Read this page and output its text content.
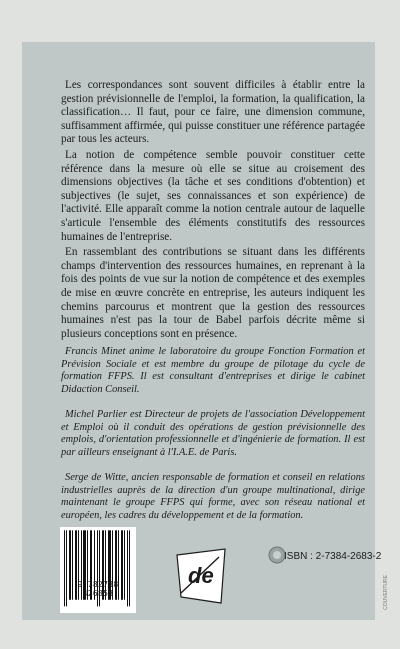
Les correspondances sont souvent difficiles à établir entre la gestion prévisionnelle de l'emploi, la formation, la qualification, la classification… Il faut, pour ce faire, une dimension commune, suffisamment affirmée, qui puisse constituer une référence partagée par tous les acteurs.

La notion de compétence semble pouvoir constituer cette référence dans la mesure où elle se situe au croisement des dimensions objectives (la tâche et ses conditions d'obtention) et subjectives (le sujet, ses connaissances et son expérience) de l'activité. Elle apparaît comme la notion centrale autour de laquelle s'articule l'ensemble des éléments constitutifs des ressources humaines de l'entreprise.

En rassemblant des contributions se situant dans les différents champs d'intervention des ressources humaines, en reprenant à la fois des points de vue sur la notion de compétence et des exemples de mise en œuvre concrète en entreprise, les auteurs indiquent les chemins parcourus et montrent que la gestion des ressources humaines n'est pas la tour de Babel parfois décrite même si plusieurs conceptions sont en présence.

Francis Minet anime le laboratoire du groupe Fonction Formation et Prévision Sociale et est membre du groupe de pilotage du cycle de formation FFPS. Il est consultant d'entreprises et dirige le cabinet Didaction Conseil.

Michel Parlier est Directeur de projets de l'association Développement et Emploi où il conduit des opérations de gestion prévisionnelle des emplois, d'orientation professionnelle et d'ingénierie de formation. Il est par ailleurs enseignant à l'I.A.E. de Paris.

Serge de Witte, ancien responsable de formation et conseil en relations industrielles auprès de la direction d'un groupe multinational, dirige maintenant le groupe FFPS qui forme, avec son réseau national et européen, les cadres du développement et de la formation.

9 782738 426853
ISBN : 2-7384-2683-2
de	COUVERTURE
